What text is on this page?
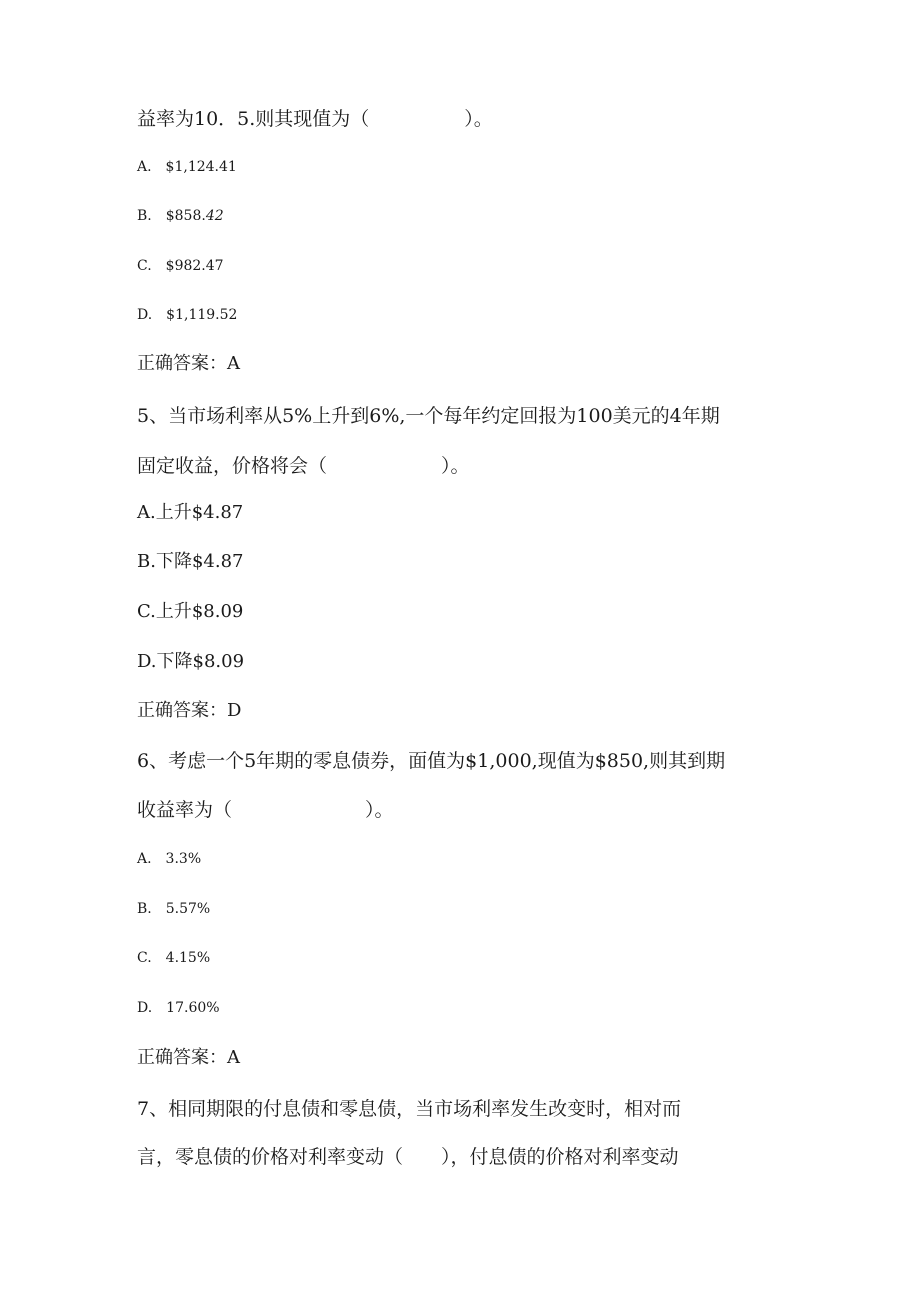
益率为10．5.则其现值为（　　　　　）。
A.　$1,124.41
B.　$858.42
C.　$982.47
D.　$1,119.52
正确答案：A
5、当市场利率从5%上升到6%,一个每年约定回报为100美元的4年期
固定收益，价格将会（　　　　　　）。
A.上升$4.87
B.下降$4.87
C.上升$8.09
D.下降$8.09
正确答案：D
6、考虑一个5年期的零息债券，面值为$1,000,现值为$850,则其到期
收益率为（　　　　　　　）。
A.　3.3%
B.　5.57%
C.　4.15%
D.　17.60%
正确答案：A
7、相同期限的付息债和零息债，当市场利率发生改变时，相对而
言，零息债的价格对利率变动（　　），付息债的价格对利率变动
